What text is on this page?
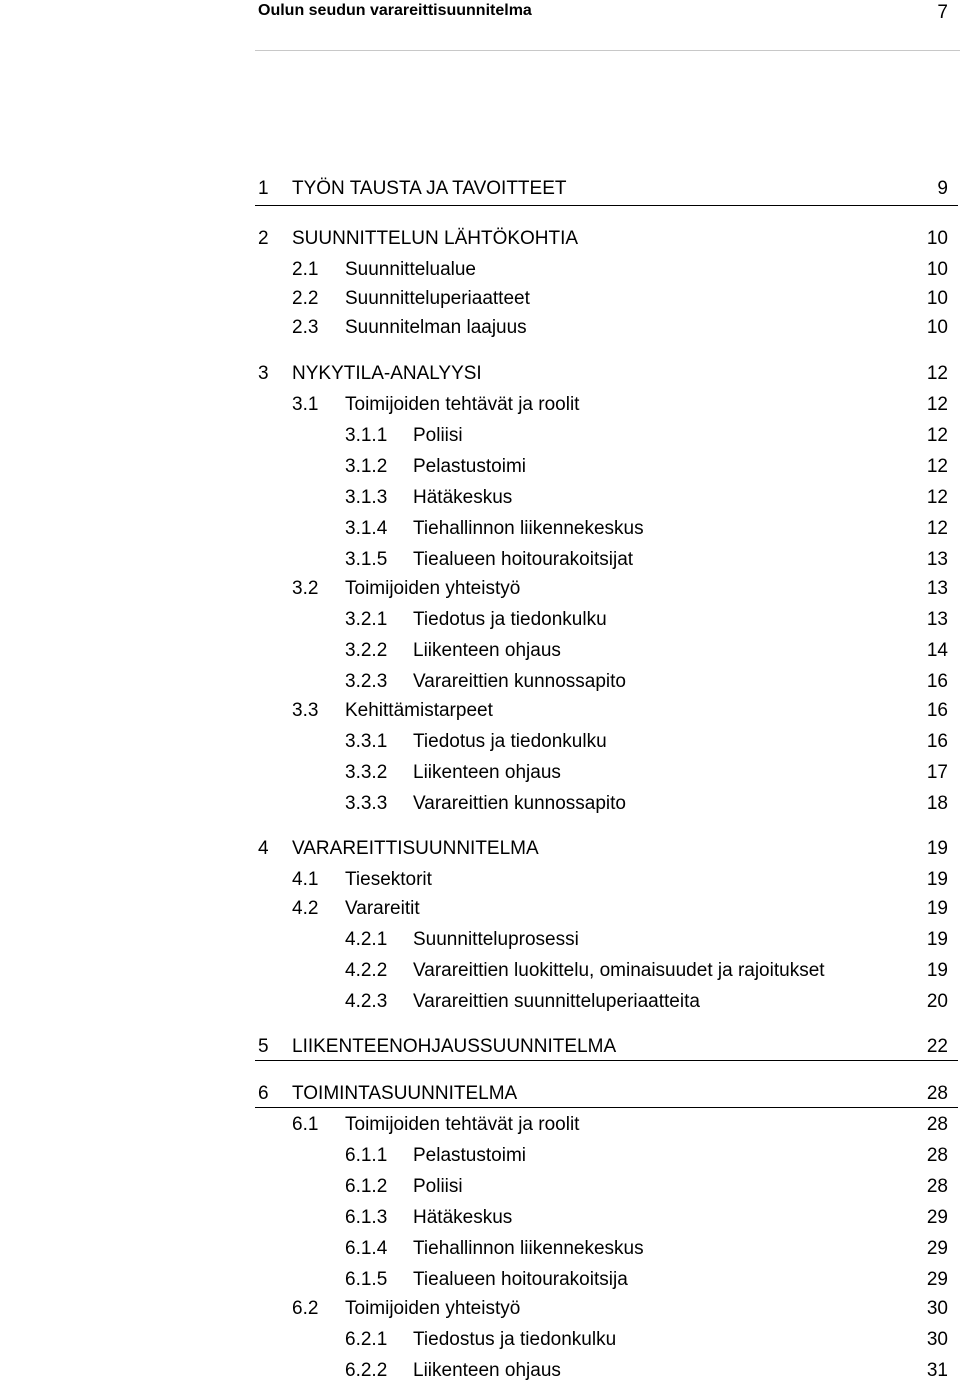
Oulun seudun varareittisuunnitelma	7
1 TYÖN TAUSTA JA TAVOITTEET	9
2 SUUNNITTELUN LÄHTÖKOHTIA	10
2.1 Suunnittelualue	10
2.2 Suunnitteluperiaatteet	10
2.3 Suunnitelman laajuus	10
3 NYKYTILA-ANALYYSI	12
3.1 Toimijoiden tehtävät ja roolit	12
3.1.1 Poliisi	12
3.1.2 Pelastustoimi	12
3.1.3 Hätäkeskus	12
3.1.4 Tiehallinnon liikennekeskus	12
3.1.5 Tiealueen hoitourakoitsijat	13
3.2 Toimijoiden yhteistyö	13
3.2.1 Tiedotus ja tiedonkulku	13
3.2.2 Liikenteen ohjaus	14
3.2.3 Varareittien kunnossapito	16
3.3 Kehittämistarpeet	16
3.3.1 Tiedotus ja tiedonkulku	16
3.3.2 Liikenteen ohjaus	17
3.3.3 Varareittien kunnossapito	18
4 VARAREITTISUUNNITELMA	19
4.1 Tiesektorit	19
4.2 Varareitit	19
4.2.1 Suunnitteluprosessi	19
4.2.2 Varareittien luokittelu, ominaisuudet ja rajoitukset	19
4.2.3 Varareittien suunnitteluperiaatteita	20
5 LIIKENTEENOHJAUSSUUNNITELMA	22
6 TOIMINTASUUNNITELMA	28
6.1 Toimijoiden tehtävät ja roolit	28
6.1.1 Pelastustoimi	28
6.1.2 Poliisi	28
6.1.3 Hätäkeskus	29
6.1.4 Tiehallinnon liikennekeskus	29
6.1.5 Tiealueen hoitourakoitsija	29
6.2 Toimijoiden yhteistyö	30
6.2.1 Tiedostus ja tiedonkulku	30
6.2.2 Liikenteen ohjaus	31
